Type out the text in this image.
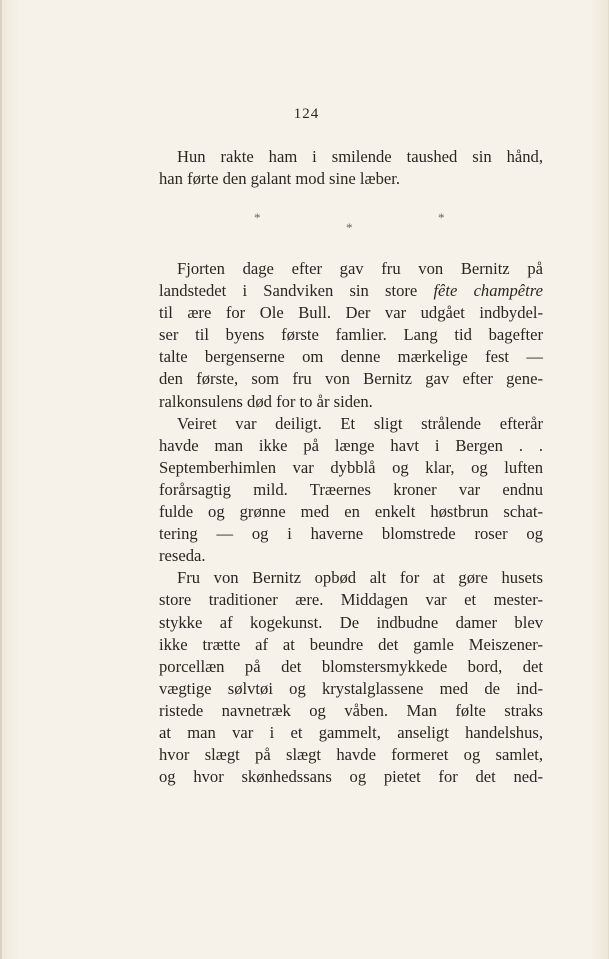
124
Hun rakte ham i smilende taushed sin hånd,
han førte den galant mod sine læber.
*
*
*
Fjorten dage efter gav fru von Bernitz på
landstedet i Sandviken sin store fête champêtre
til ære for Ole Bull. Der var udgået indbydel-
ser til byens første famlier. Lang tid bagefter
talte bergenserne om denne mærkelige fest —
den første, som fru von Bernitz gav efter gene-
ralkonsulens død for to år siden.
Veiret var deiligt. Et sligt strålende efterår
havde man ikke på længe havt i Bergen . .
Septemberhimlen var dybblå og klar, og luften
forårsagtig mild. Træernes kroner var endnu
fulde og grønne med en enkelt høstbrun schat-
tering — og i haverne blomstrede roser og
reseda.
Fru von Bernitz opbød alt for at gøre husets
store traditioner ære. Middagen var et mester-
stykke af kogekunst. De indbudne damer blev
ikke trætte af at beundre det gamle Meiszener-
porcellæn på det blomstersmykkede bord, det
vægtige sølvtøi og krystalglassene med de ind-
ristede navnetræk og våben. Man følte straks
at man var i et gammelt, anseligt handelshus,
hvor slægt på slægt havde formeret og samlet,
og hvor skønhedssans og pietet for det ned-
